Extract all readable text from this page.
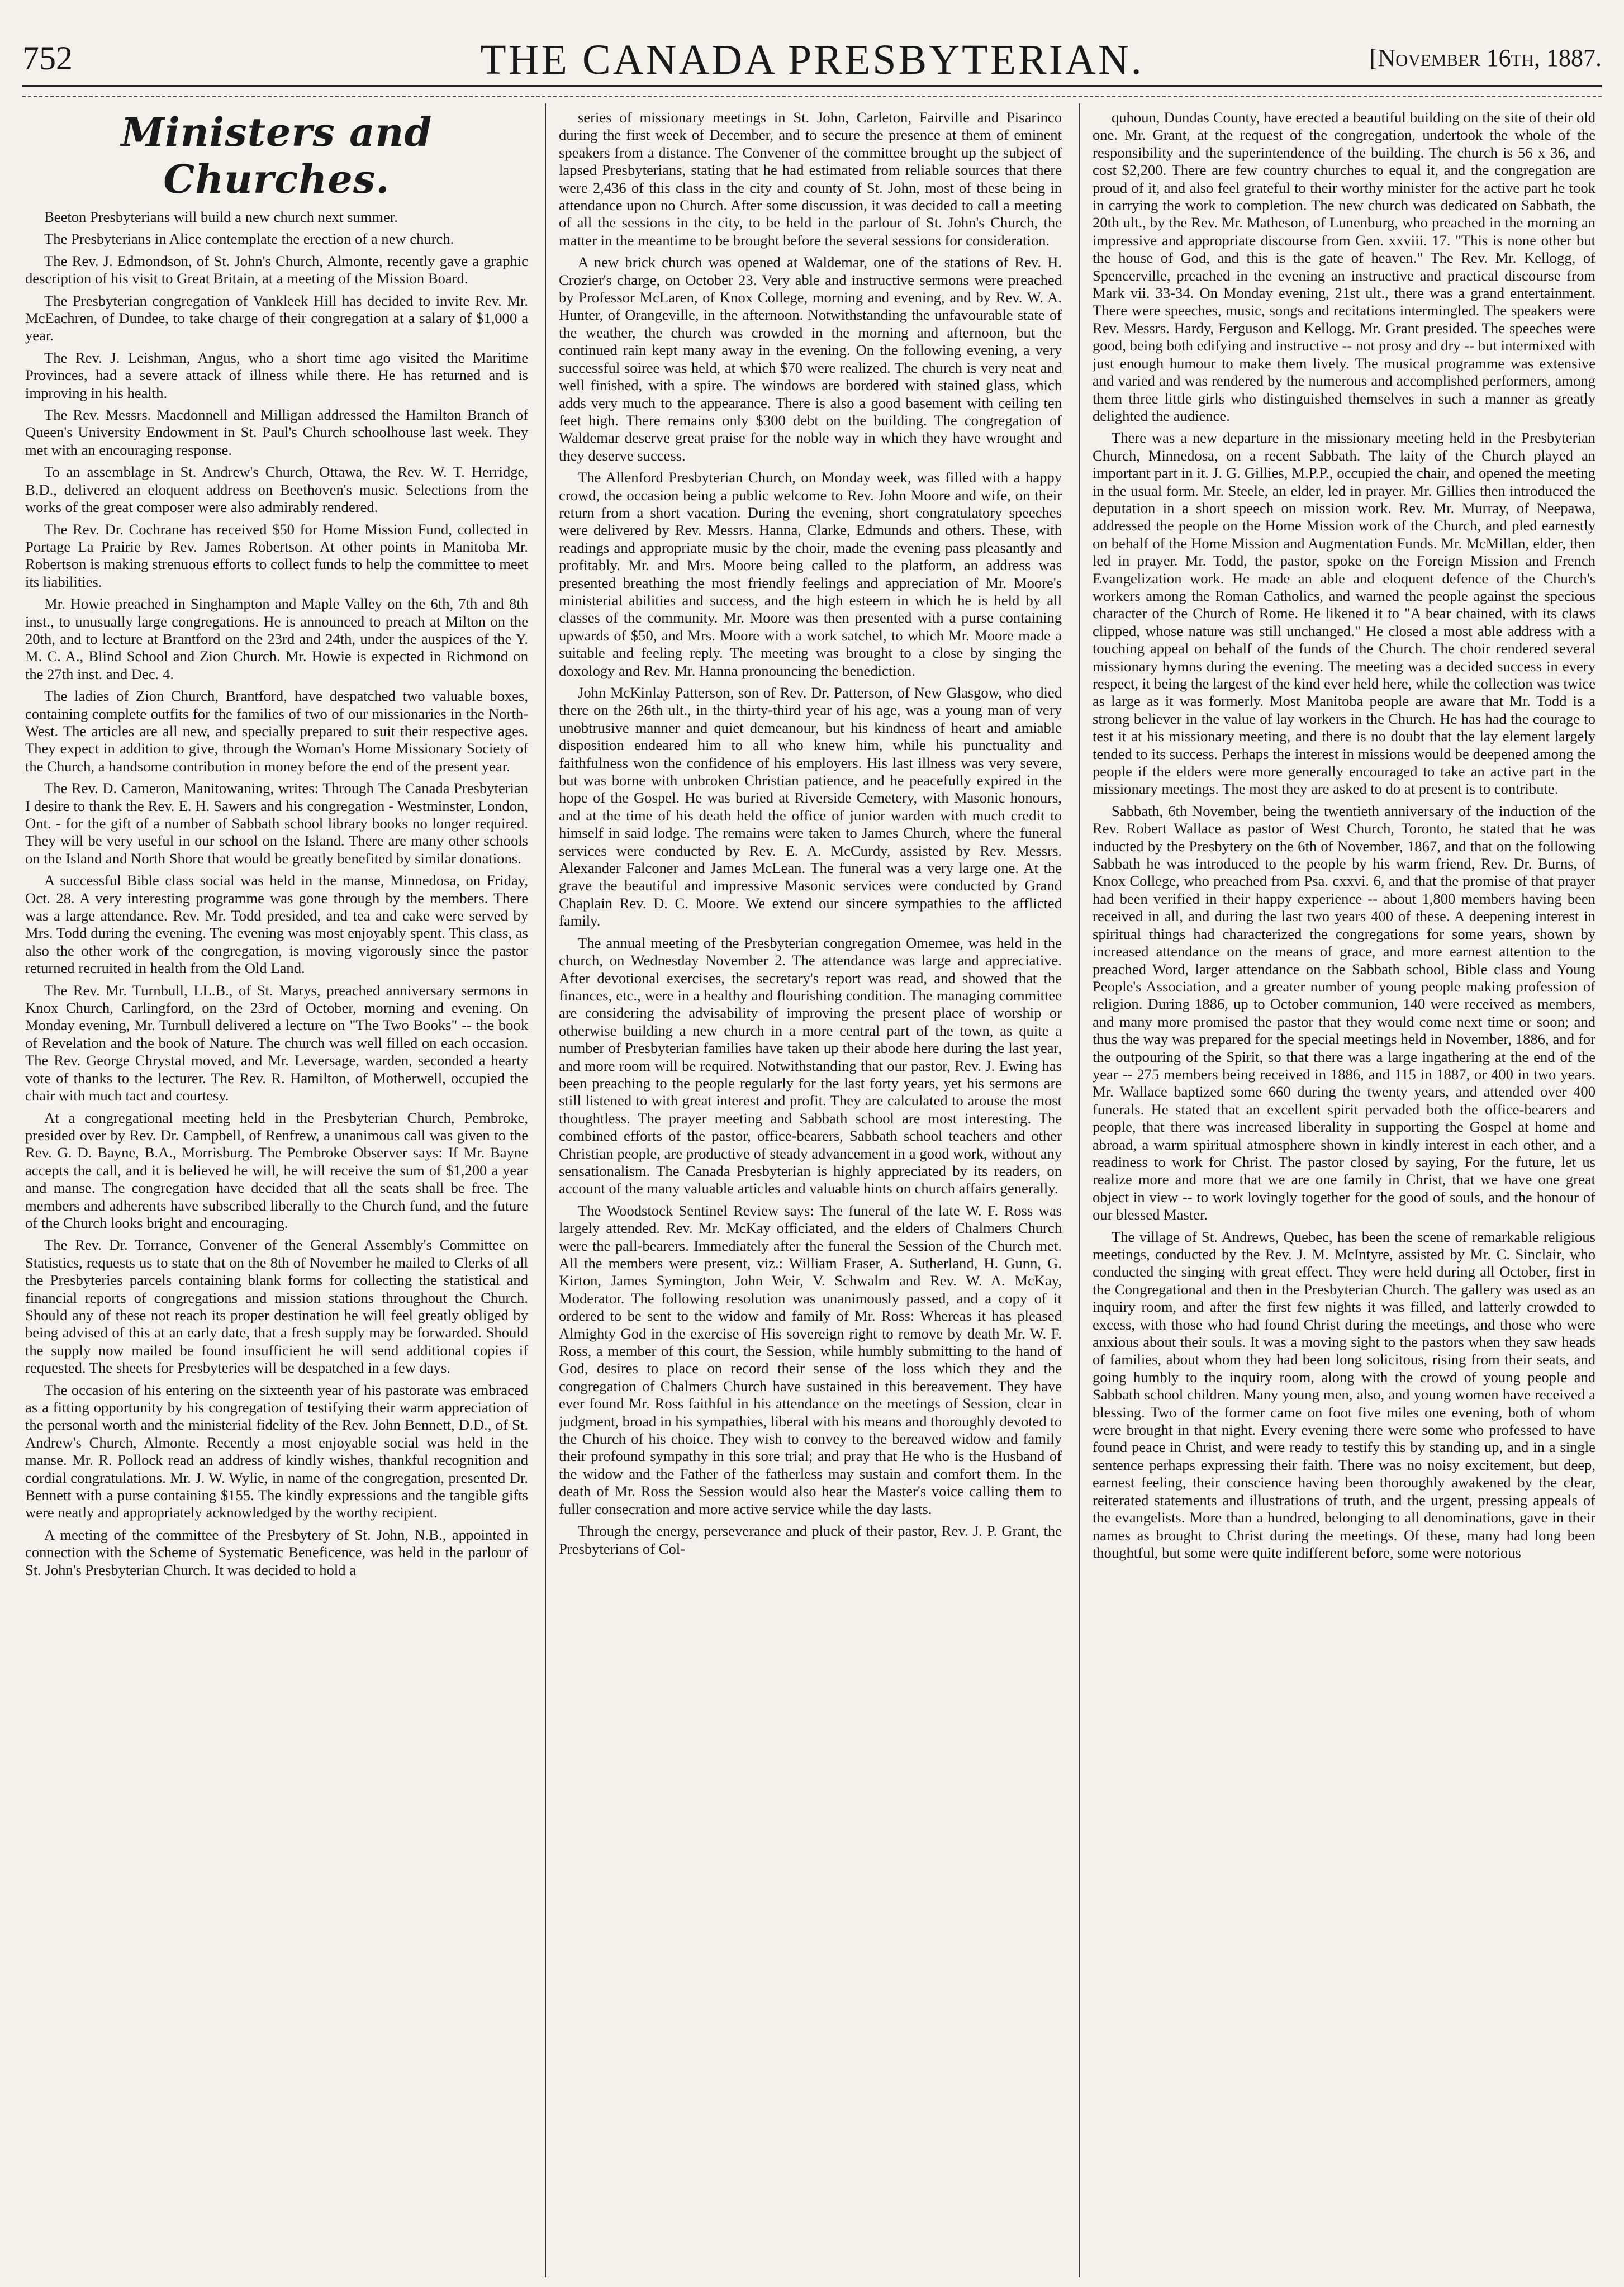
752	THE CANADA PRESBYTERIAN.	[November 16th, 1887.
Ministers and Churches.

Beeton Presbyterians will build a new church next summer.

The Presbyterians in Alice contemplate the erection of a new church.

The Rev. J. Edmondson, of St. John's Church, Almonte, recently gave a graphic description of his visit to Great Britain, at a meeting of the Mission Board.

The Presbyterian congregation of Vankleek Hill has decided to invite Rev. Mr. McEachren, of Dundee, to take charge of their congregation at a salary of $1,000 a year.

The Rev. J. Leishman, Angus, who a short time ago visited the Maritime Provinces, had a severe attack of illness while there. He has returned and is improving in his health.

The Rev. Messrs. Macdonnell and Milligan addressed the Hamilton Branch of Queen's University Endowment in St. Paul's Church schoolhouse last week. They met with an encouraging response.

To an assemblage in St. Andrew's Church, Ottawa, the Rev. W. T. Herridge, B.D., delivered an eloquent address on Beethoven's music. Selections from the works of the great composer were also admirably rendered.

The Rev. Dr. Cochrane has received $50 for Home Mission Fund, collected in Portage La Prairie by Rev. James Robertson. At other points in Manitoba Mr. Robertson is making strenuous efforts to collect funds to help the committee to meet its liabilities.

Mr. Howie preached in Singhampton and Maple Valley on the 6th, 7th and 8th inst., to unusually large congregations. He is announced to preach at Milton on the 20th, and to lecture at Brantford on the 23rd and 24th, under the auspices of the Y. M. C. A., Blind School and Zion Church. Mr. Howie is expected in Richmond on the 27th inst. and Dec. 4.

The ladies of Zion Church, Brantford, have despatched two valuable boxes, containing complete outfits for the families of two of our missionaries in the North-West. The articles are all new, and specially prepared to suit their respective ages. They expect in addition to give, through the Woman's Home Missionary Society of the Church, a handsome contribution in money before the end of the present year.

The Rev. D. Cameron, Manitowaning, writes: Through The Canada Presbyterian I desire to thank the Rev. E. H. Sawers and his congregation - Westminster, London, Ont. - for the gift of a number of Sabbath school library books no longer required. They will be very useful in our school on the Island. There are many other schools on the Island and North Shore that would be greatly benefited by similar donations.

A successful Bible class social was held in the manse, Minnedosa, on Friday, Oct. 28. A very interesting programme was gone through by the members. There was a large attendance. Rev. Mr. Todd presided, and tea and cake were served by Mrs. Todd during the evening. The evening was most enjoyably spent. This class, as also the other work of the congregation, is moving vigorously since the pastor returned recruited in health from the Old Land.

The Rev. Mr. Turnbull, LL.B., of St. Marys, preached anniversary sermons in Knox Church, Carlingford, on the 23rd of October, morning and evening. On Monday evening, Mr. Turnbull delivered a lecture on "The Two Books" -- the book of Revelation and the book of Nature. The church was well filled on each occasion. The Rev. George Chrystal moved, and Mr. Leversage, warden, seconded a hearty vote of thanks to the lecturer. The Rev. R. Hamilton, of Motherwell, occupied the chair with much tact and courtesy.

At a congregational meeting held in the Presbyterian Church, Pembroke, presided over by Rev. Dr. Campbell, of Renfrew, a unanimous call was given to the Rev. G. D. Bayne, B.A., Morrisburg. The Pembroke Observer says: If Mr. Bayne accepts the call, and it is believed he will, he will receive the sum of $1,200 a year and manse. The congregation have decided that all the seats shall be free. The members and adherents have subscribed liberally to the Church fund, and the future of the Church looks bright and encouraging.

The Rev. Dr. Torrance, Convener of the General Assembly's Committee on Statistics, requests us to state that on the 8th of November he mailed to Clerks of all the Presbyteries parcels containing blank forms for collecting the statistical and financial reports of congregations and mission stations throughout the Church. Should any of these not reach its proper destination he will feel greatly obliged by being advised of this at an early date, that a fresh supply may be forwarded. Should the supply now mailed be found insufficient he will send additional copies if requested. The sheets for Presbyteries will be despatched in a few days.

The occasion of his entering on the sixteenth year of his pastorate was embraced as a fitting opportunity by his congregation of testifying their warm appreciation of the personal worth and the ministerial fidelity of the Rev. John Bennett, D.D., of St. Andrew's Church, Almonte. Recently a most enjoyable social was held in the manse. Mr. R. Pollock read an address of kindly wishes, thankful recognition and cordial congratulations. Mr. J. W. Wylie, in name of the congregation, presented Dr. Bennett with a purse containing $155. The kindly expressions and the tangible gifts were neatly and appropriately acknowledged by the worthy recipient.

A meeting of the committee of the Presbytery of St. John, N.B., appointed in connection with the Scheme of Systematic Beneficence, was held in the parlour of St. John's Presbyterian Church. It was decided to hold a

series of missionary meetings in St. John, Carleton, Fairville and Pisarinco during the first week of December, and to secure the presence at them of eminent speakers from a distance. The Convener of the committee brought up the subject of lapsed Presbyterians, stating that he had estimated from reliable sources that there were 2,436 of this class in the city and county of St. John, most of these being in attendance upon no Church. After some discussion, it was decided to call a meeting of all the sessions in the city, to be held in the parlour of St. John's Church, the matter in the meantime to be brought before the several sessions for consideration.

A new brick church was opened at Waldemar, one of the stations of Rev. H. Crozier's charge, on October 23. Very able and instructive sermons were preached by Professor McLaren, of Knox College, morning and evening, and by Rev. W. A. Hunter, of Orangeville, in the afternoon. Notwithstanding the unfavourable state of the weather, the church was crowded in the morning and afternoon, but the continued rain kept many away in the evening. On the following evening, a very successful soiree was held, at which $70 were realized. The church is very neat and well finished, with a spire. The windows are bordered with stained glass, which adds very much to the appearance. There is also a good basement with ceiling ten feet high. There remains only $300 debt on the building. The congregation of Waldemar deserve great praise for the noble way in which they have wrought and they deserve success.

The Allenford Presbyterian Church, on Monday week, was filled with a happy crowd, the occasion being a public welcome to Rev. John Moore and wife, on their return from a short vacation. During the evening, short congratulatory speeches were delivered by Rev. Messrs. Hanna, Clarke, Edmunds and others. These, with readings and appropriate music by the choir, made the evening pass pleasantly and profitably. Mr. and Mrs. Moore being called to the platform, an address was presented breathing the most friendly feelings and appreciation of Mr. Moore's ministerial abilities and success, and the high esteem in which he is held by all classes of the community. Mr. Moore was then presented with a purse containing upwards of $50, and Mrs. Moore with a work satchel, to which Mr. Moore made a suitable and feeling reply. The meeting was brought to a close by singing the doxology and Rev. Mr. Hanna pronouncing the benediction.

John McKinlay Patterson, son of Rev. Dr. Patterson, of New Glasgow, who died there on the 26th ult., in the thirty-third year of his age, was a young man of very unobtrusive manner and quiet demeanour, but his kindness of heart and amiable disposition endeared him to all who knew him, while his punctuality and faithfulness won the confidence of his employers. His last illness was very severe, but was borne with unbroken Christian patience, and he peacefully expired in the hope of the Gospel. He was buried at Riverside Cemetery, with Masonic honours, and at the time of his death held the office of junior warden with much credit to himself in said lodge. The remains were taken to James Church, where the funeral services were conducted by Rev. E. A. McCurdy, assisted by Rev. Messrs. Alexander Falconer and James McLean. The funeral was a very large one. At the grave the beautiful and impressive Masonic services were conducted by Grand Chaplain Rev. D. C. Moore. We extend our sincere sympathies to the afflicted family.

The annual meeting of the Presbyterian congregation Omemee, was held in the church, on Wednesday November 2. The attendance was large and appreciative. After devotional exercises, the secretary's report was read, and showed that the finances, etc., were in a healthy and flourishing condition. The managing committee are considering the advisability of improving the present place of worship or otherwise building a new church in a more central part of the town, as quite a number of Presbyterian families have taken up their abode here during the last year, and more room will be required. Notwithstanding that our pastor, Rev. J. Ewing has been preaching to the people regularly for the last forty years, yet his sermons are still listened to with great interest and profit. They are calculated to arouse the most thoughtless. The prayer meeting and Sabbath school are most interesting. The combined efforts of the pastor, office-bearers, Sabbath school teachers and other Christian people, are productive of steady advancement in a good work, without any sensationalism. The Canada Presbyterian is highly appreciated by its readers, on account of the many valuable articles and valuable hints on church affairs generally.

The Woodstock Sentinel Review says: The funeral of the late W. F. Ross was largely attended. Rev. Mr. McKay officiated, and the elders of Chalmers Church were the pall-bearers. Immediately after the funeral the Session of the Church met. All the members were present, viz.: William Fraser, A. Sutherland, H. Gunn, G. Kirton, James Symington, John Weir, V. Schwalm and Rev. W. A. McKay, Moderator. The following resolution was unanimously passed, and a copy of it ordered to be sent to the widow and family of Mr. Ross: Whereas it has pleased Almighty God in the exercise of His sovereign right to remove by death Mr. W. F. Ross, a member of this court, the Session, while humbly submitting to the hand of God, desires to place on record their sense of the loss which they and the congregation of Chalmers Church have sustained in this bereavement. They have ever found Mr. Ross faithful in his attendance on the meetings of Session, clear in judgment, broad in his sympathies, liberal with his means and thoroughly devoted to the Church of his choice. They wish to convey to the bereaved widow and family their profound sympathy in this sore trial; and pray that He who is the Husband of the widow and the Father of the fatherless may sustain and comfort them. In the death of Mr. Ross the Session would also hear the Master's voice calling them to fuller consecration and more active service while the day lasts.

Through the energy, perseverance and pluck of their pastor, Rev. J. P. Grant, the Presbyterians of Col-

quhoun, Dundas County, have erected a beautiful building on the site of their old one. Mr. Grant, at the request of the congregation, undertook the whole of the responsibility and the superintendence of the building. The church is 56 x 36, and cost $2,200. There are few country churches to equal it, and the congregation are proud of it, and also feel grateful to their worthy minister for the active part he took in carrying the work to completion. The new church was dedicated on Sabbath, the 20th ult., by the Rev. Mr. Matheson, of Lunenburg, who preached in the morning an impressive and appropriate discourse from Gen. xxviii. 17. "This is none other but the house of God, and this is the gate of heaven." The Rev. Mr. Kellogg, of Spencerville, preached in the evening an instructive and practical discourse from Mark vii. 33-34. On Monday evening, 21st ult., there was a grand entertainment. There were speeches, music, songs and recitations intermingled. The speakers were Rev. Messrs. Hardy, Ferguson and Kellogg. Mr. Grant presided. The speeches were good, being both edifying and instructive -- not prosy and dry -- but intermixed with just enough humour to make them lively. The musical programme was extensive and varied and was rendered by the numerous and accomplished performers, among them three little girls who distinguished themselves in such a manner as greatly delighted the audience.

There was a new departure in the missionary meeting held in the Presbyterian Church, Minnedosa, on a recent Sabbath. The laity of the Church played an important part in it. J. G. Gillies, M.P.P., occupied the chair, and opened the meeting in the usual form. Mr. Steele, an elder, led in prayer. Mr. Gillies then introduced the deputation in a short speech on mission work. Rev. Mr. Murray, of Neepawa, addressed the people on the Home Mission work of the Church, and pled earnestly on behalf of the Home Mission and Augmentation Funds. Mr. McMillan, elder, then led in prayer. Mr. Todd, the pastor, spoke on the Foreign Mission and French Evangelization work. He made an able and eloquent defence of the Church's workers among the Roman Catholics, and warned the people against the specious character of the Church of Rome. He likened it to "A bear chained, with its claws clipped, whose nature was still unchanged." He closed a most able address with a touching appeal on behalf of the funds of the Church. The choir rendered several missionary hymns during the evening. The meeting was a decided success in every respect, it being the largest of the kind ever held here, while the collection was twice as large as it was formerly. Most Manitoba people are aware that Mr. Todd is a strong believer in the value of lay workers in the Church. He has had the courage to test it at his missionary meeting, and there is no doubt that the lay element largely tended to its success. Perhaps the interest in missions would be deepened among the people if the elders were more generally encouraged to take an active part in the missionary meetings. The most they are asked to do at present is to contribute.

Sabbath, 6th November, being the twentieth anniversary of the induction of the Rev. Robert Wallace as pastor of West Church, Toronto, he stated that he was inducted by the Presbytery on the 6th of November, 1867, and that on the following Sabbath he was introduced to the people by his warm friend, Rev. Dr. Burns, of Knox College, who preached from Psa. cxxvi. 6, and that the promise of that prayer had been verified in their happy experience -- about 1,800 members having been received in all, and during the last two years 400 of these. A deepening interest in spiritual things had characterized the congregations for some years, shown by increased attendance on the means of grace, and more earnest attention to the preached Word, larger attendance on the Sabbath school, Bible class and Young People's Association, and a greater number of young people making profession of religion. During 1886, up to October communion, 140 were received as members, and many more promised the pastor that they would come next time or soon; and thus the way was prepared for the special meetings held in November, 1886, and for the outpouring of the Spirit, so that there was a large ingathering at the end of the year -- 275 members being received in 1886, and 115 in 1887, or 400 in two years. Mr. Wallace baptized some 660 during the twenty years, and attended over 400 funerals. He stated that an excellent spirit pervaded both the office-bearers and people, that there was increased liberality in supporting the Gospel at home and abroad, a warm spiritual atmosphere shown in kindly interest in each other, and a readiness to work for Christ. The pastor closed by saying, For the future, let us realize more and more that we are one family in Christ, that we have one great object in view -- to work lovingly together for the good of souls, and the honour of our blessed Master.

The village of St. Andrews, Quebec, has been the scene of remarkable religious meetings, conducted by the Rev. J. M. McIntyre, assisted by Mr. C. Sinclair, who conducted the singing with great effect. They were held during all October, first in the Congregational and then in the Presbyterian Church. The gallery was used as an inquiry room, and after the first few nights it was filled, and latterly crowded to excess, with those who had found Christ during the meetings, and those who were anxious about their souls. It was a moving sight to the pastors when they saw heads of families, about whom they had been long solicitous, rising from their seats, and going humbly to the inquiry room, along with the crowd of young people and Sabbath school children. Many young men, also, and young women have received a blessing. Two of the former came on foot five miles one evening, both of whom were brought in that night. Every evening there were some who professed to have found peace in Christ, and were ready to testify this by standing up, and in a single sentence perhaps expressing their faith. There was no noisy excitement, but deep, earnest feeling, their conscience having been thoroughly awakened by the clear, reiterated statements and illustrations of truth, and the urgent, pressing appeals of the evangelists. More than a hundred, belonging to all denominations, gave in their names as brought to Christ during the meetings. Of these, many had long been thoughtful, but some were quite indifferent before, some were notorious
